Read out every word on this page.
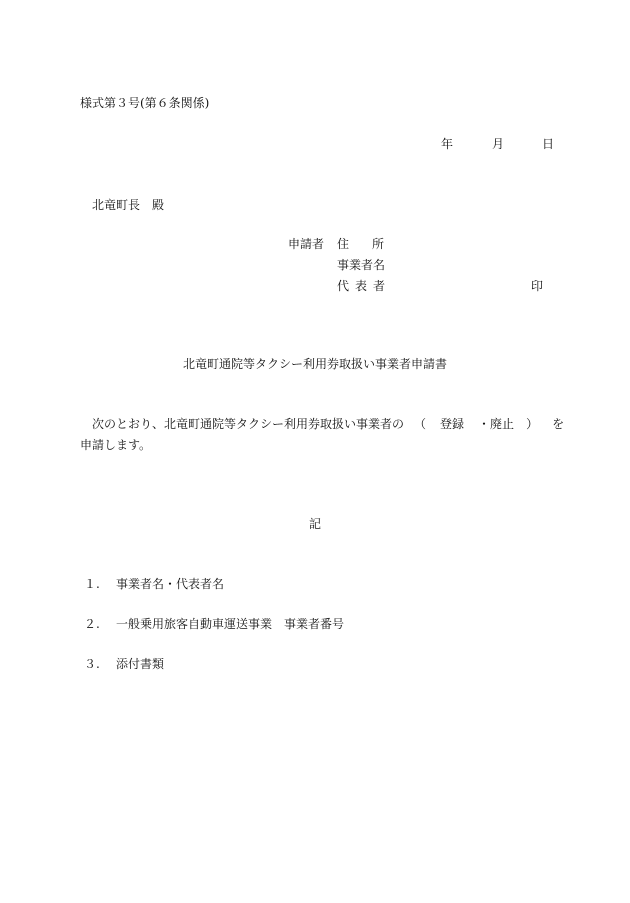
様式第３号(第６条関係)
年	月	日
北竜町長 殿
申請者 住 所
事業者名
代 表 者	印
北竜町通院等タクシー利用券取扱い事業者申請書
次のとおり、北竜町通院等タクシー利用券取扱い事業者の （ 登録 ・廃止 ） を
申請します。
記
１. 事業者名・代表者名
２. 一般乗用旅客自動車運送事業 事業者番号
３. 添付書類
